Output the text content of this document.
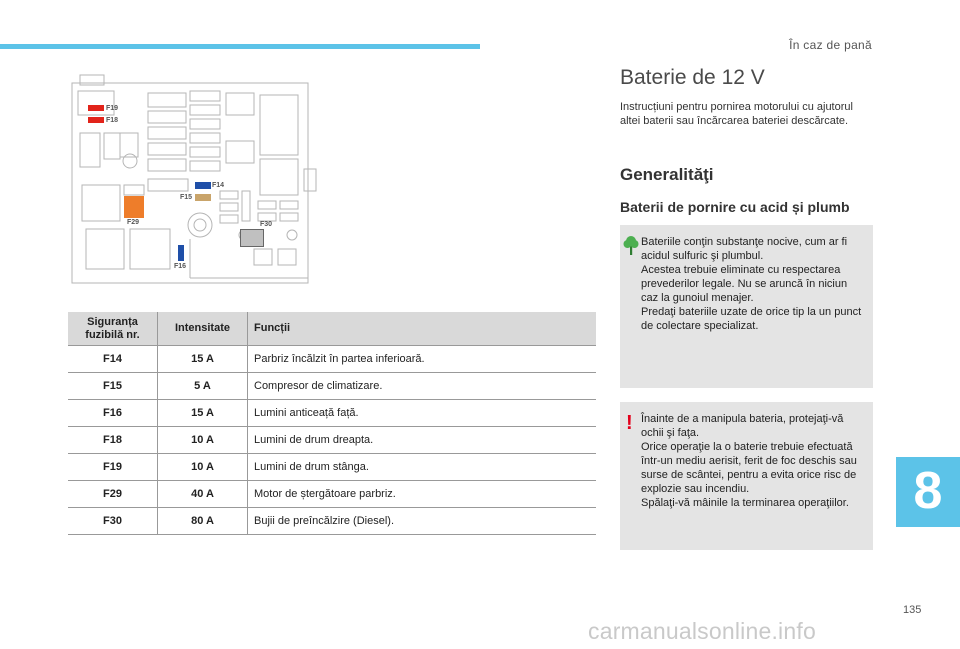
În caz de pană
F19
F18
F14
F15
F29	F30
F16
Siguranța fuzibilă nr.	Intensitate	Funcții
F14	15 A	Parbriz încălzit în partea inferioară.
F15	5 A	Compresor de climatizare.
F16	15 A	Lumini anticeață față.
F18	10 A	Lumini de drum dreapta.
F19	10 A	Lumini de drum stânga.
F29	40 A	Motor de ștergătoare parbriz.
F30	80 A	Bujii de preîncălzire (Diesel).
Baterie de 12 V
Instrucțiuni pentru pornirea motorului cu ajutorul altei baterii sau încărcarea bateriei descărcate.
Generalităţi
Baterii de pornire cu acid și plumb

Bateriile conţin substanţe nocive, cum ar fi acidul sulfuric şi plumbul.

Acestea trebuie eliminate cu respectarea prevederilor legale. Nu se aruncă în niciun caz la gunoiul menajer.

Predaţi bateriile uzate de orice tip la un punct de colectare specializat.

! Înainte de a manipula bateria, protejaţi-vă ochii şi faţa.

Orice operaţie la o baterie trebuie efectuată într-un mediu aerisit, ferit de foc deschis sau surse de scântei, pentru a evita orice risc de explozie sau incendiu.

Spălaţi-vă mâinile la terminarea operaţiilor.	8
135
carmanualsonline.info
